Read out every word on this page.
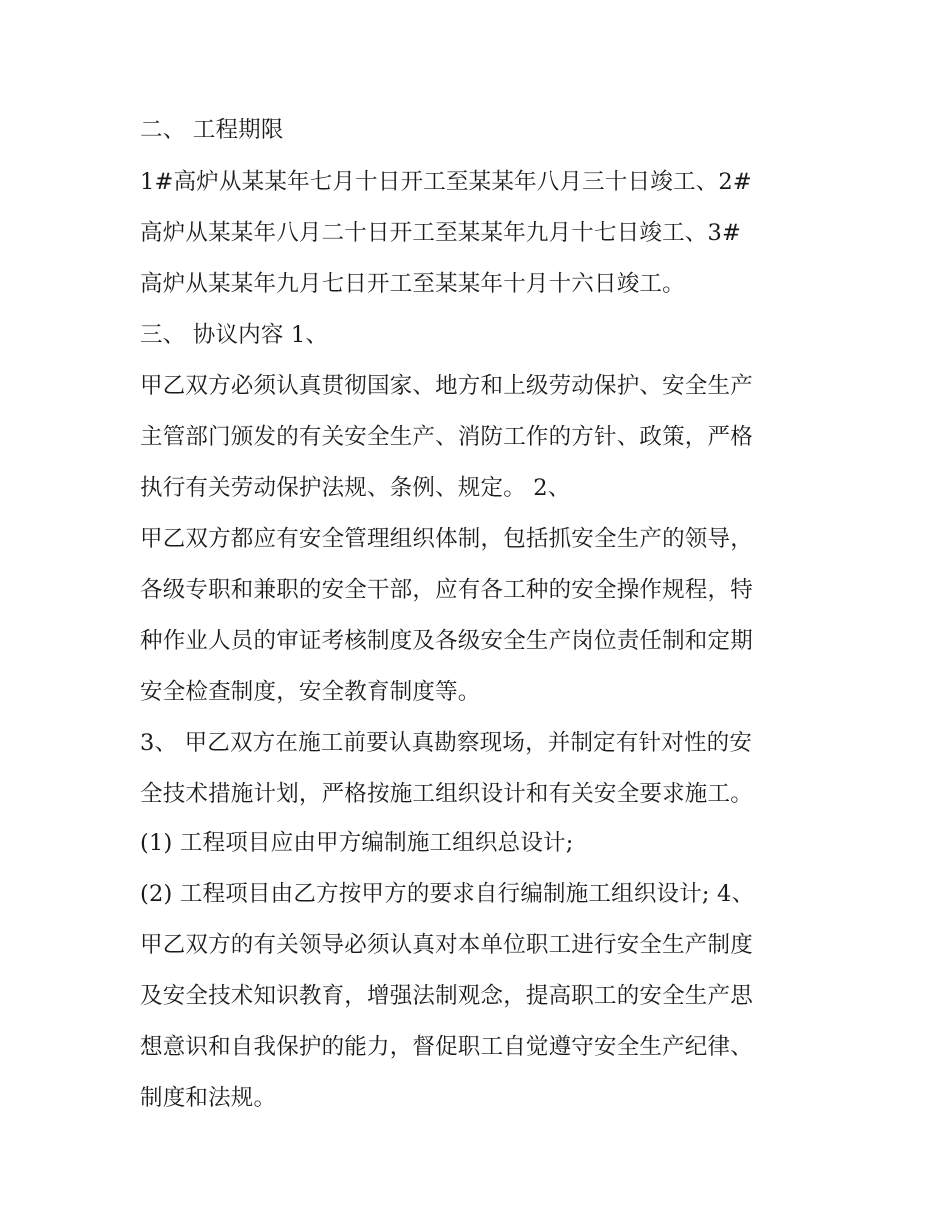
二、 工程期限
1#高炉从某某年七月十日开工至某某年八月三十日竣工、2#
高炉从某某年八月二十日开工至某某年九月十七日竣工、3#
高炉从某某年九月七日开工至某某年十月十六日竣工。
三、 协议内容 1、
甲乙双方必须认真贯彻国家、地方和上级劳动保护、安全生产
主管部门颁发的有关安全生产、消防工作的方针、政策，严格
执行有关劳动保护法规、条例、规定。 2、
甲乙双方都应有安全管理组织体制，包括抓安全生产的领导，
各级专职和兼职的安全干部，应有各工种的安全操作规程，特
种作业人员的审证考核制度及各级安全生产岗位责任制和定期
安全检查制度，安全教育制度等。
3、 甲乙双方在施工前要认真勘察现场，并制定有针对性的安
全技术措施计划，严格按施工组织设计和有关安全要求施工。
(1) 工程项目应由甲方编制施工组织总设计;
(2) 工程项目由乙方按甲方的要求自行编制施工组织设计; 4、
甲乙双方的有关领导必须认真对本单位职工进行安全生产制度
及安全技术知识教育，增强法制观念，提高职工的安全生产思
想意识和自我保护的能力，督促职工自觉遵守安全生产纪律、
制度和法规。
